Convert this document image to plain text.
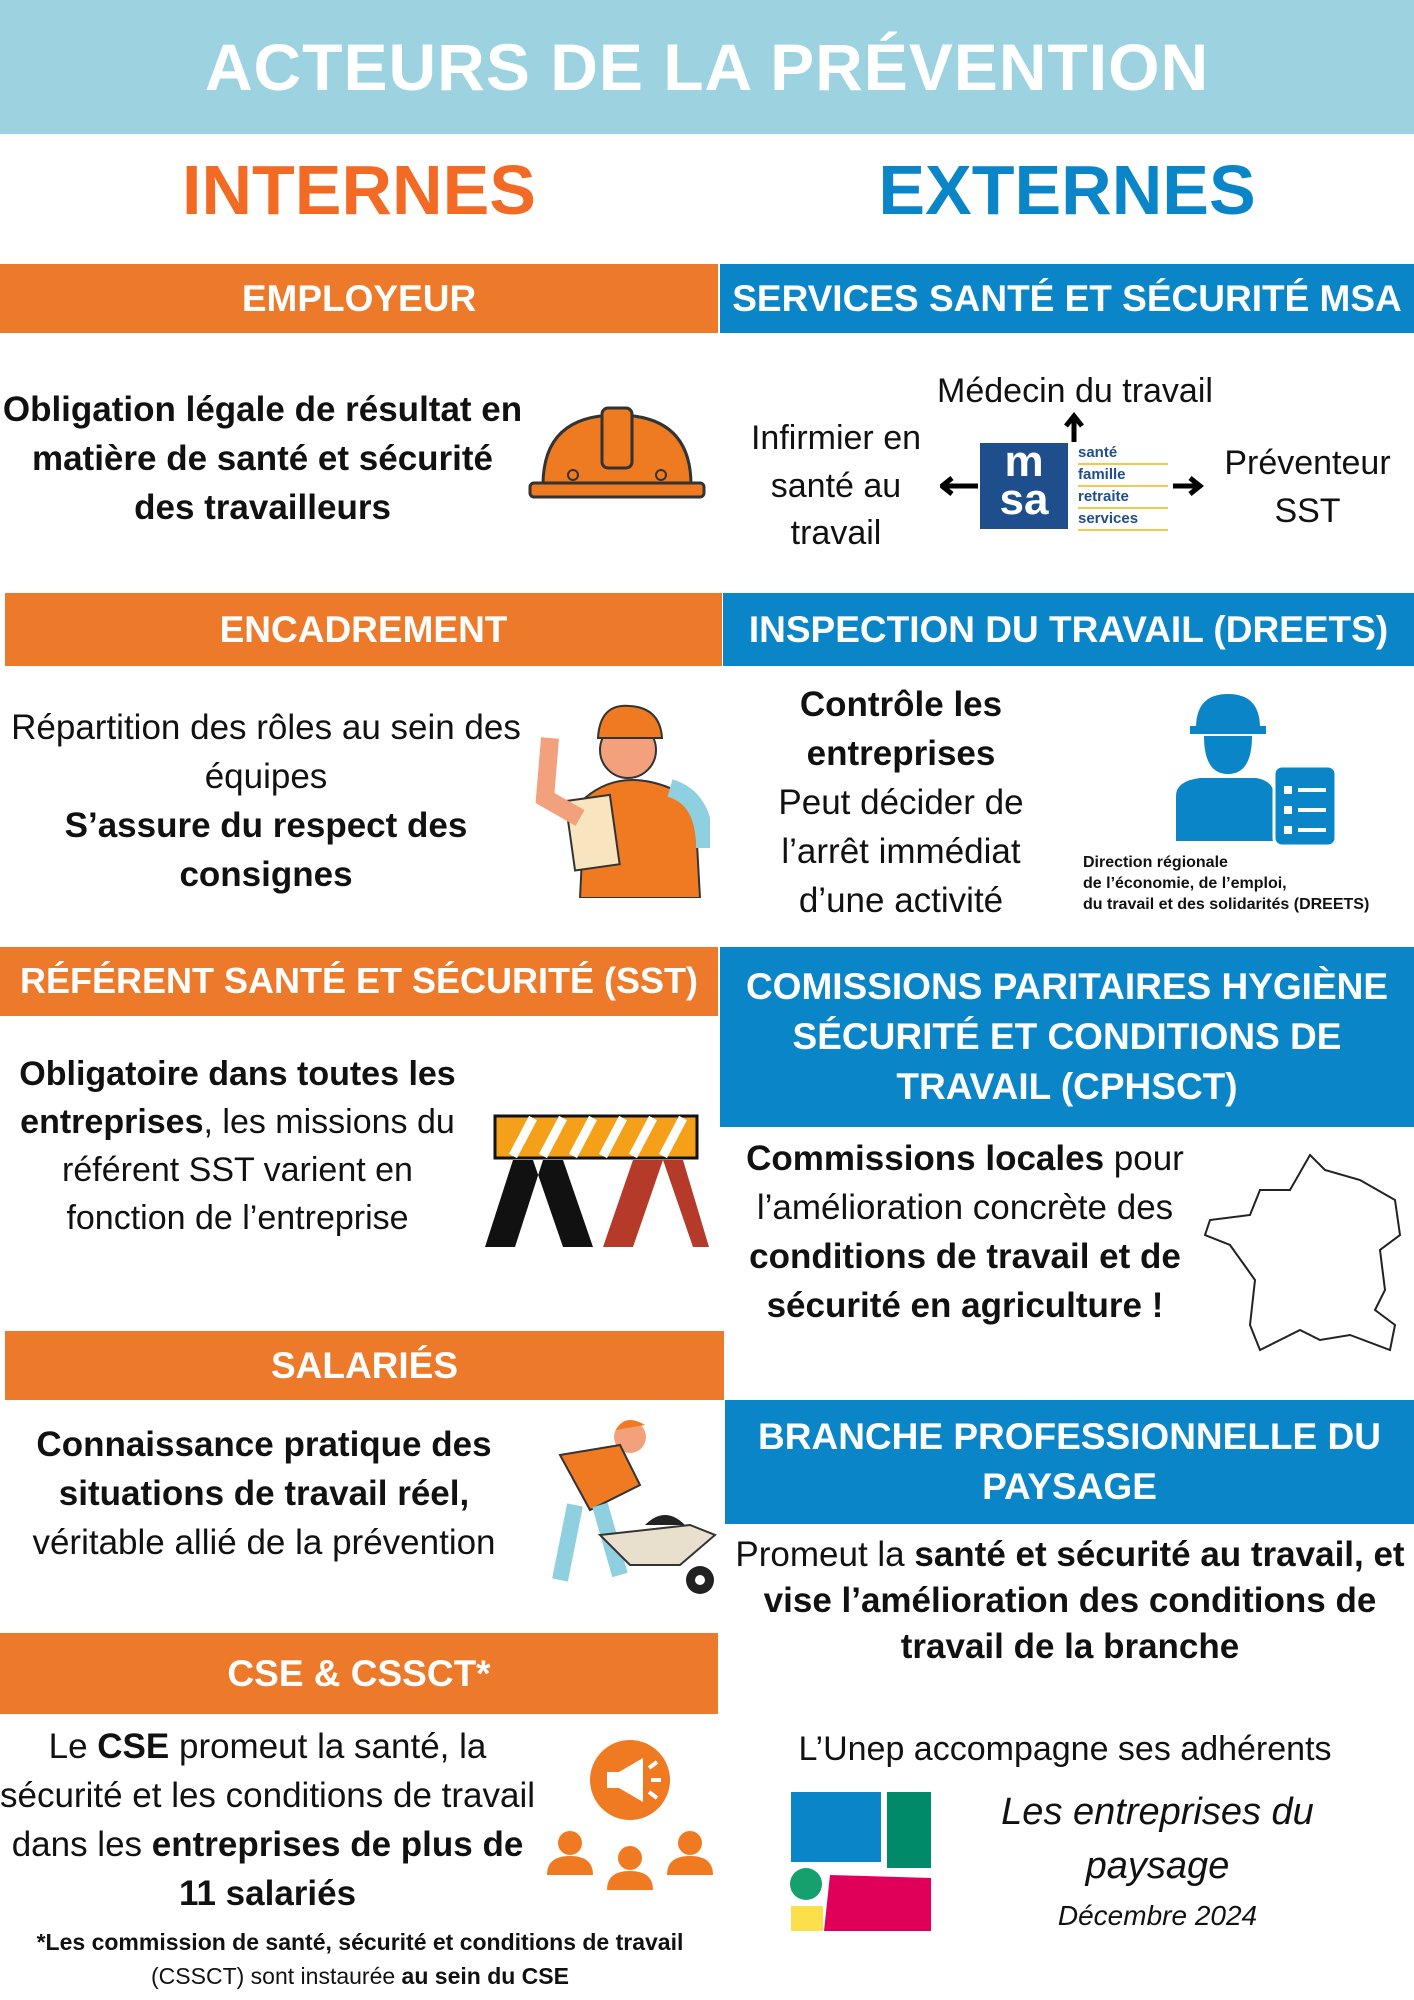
ACTEURS DE LA PRÉVENTION
INTERNES	EXTERNES
EMPLOYEUR
Obligation légale de résultat en matière de santé et sécurité des travailleurs
SERVICES SANTÉ ET SÉCURITÉ MSA
Médecin du travail
Infirmier en santé au travail
Préventeur SST
m
sa
santé
famille
retraite
services
ENCADREMENT
Répartition des rôles au sein des équipes
S’assure du respect des consignes
INSPECTION DU TRAVAIL (DREETS)
Contrôle les entreprises
Peut décider de l’arrêt immédiat d’une activité
Direction régionale
de l’économie, de l’emploi,
du travail et des solidarités (DREETS)
RÉFÉRENT SANTÉ ET SÉCURITÉ (SST)
Obligatoire dans toutes les entreprises, les missions du référent SST varient en fonction de l’entreprise
COMISSIONS PARITAIRES HYGIÈNE SÉCURITÉ ET CONDITIONS DE TRAVAIL (CPHSCT)
Commissions locales pour l’amélioration concrète des conditions de travail et de sécurité en agriculture !
SALARIÉS
Connaissance pratique des situations de travail réel, véritable allié de la prévention
BRANCHE PROFESSIONNELLE DU PAYSAGE
Promeut la santé et sécurité au travail, et vise l’amélioration des conditions de travail de la branche
L’Unep accompagne ses adhérents
Les entreprises du paysage
Décembre 2024
CSE & CSSCT*
Le CSE promeut la santé, la sécurité et les conditions de travail dans les entreprises de plus de 11 salariés
*Les commission de santé, sécurité et conditions de travail (CSSCT) sont instaurée au sein du CSE
